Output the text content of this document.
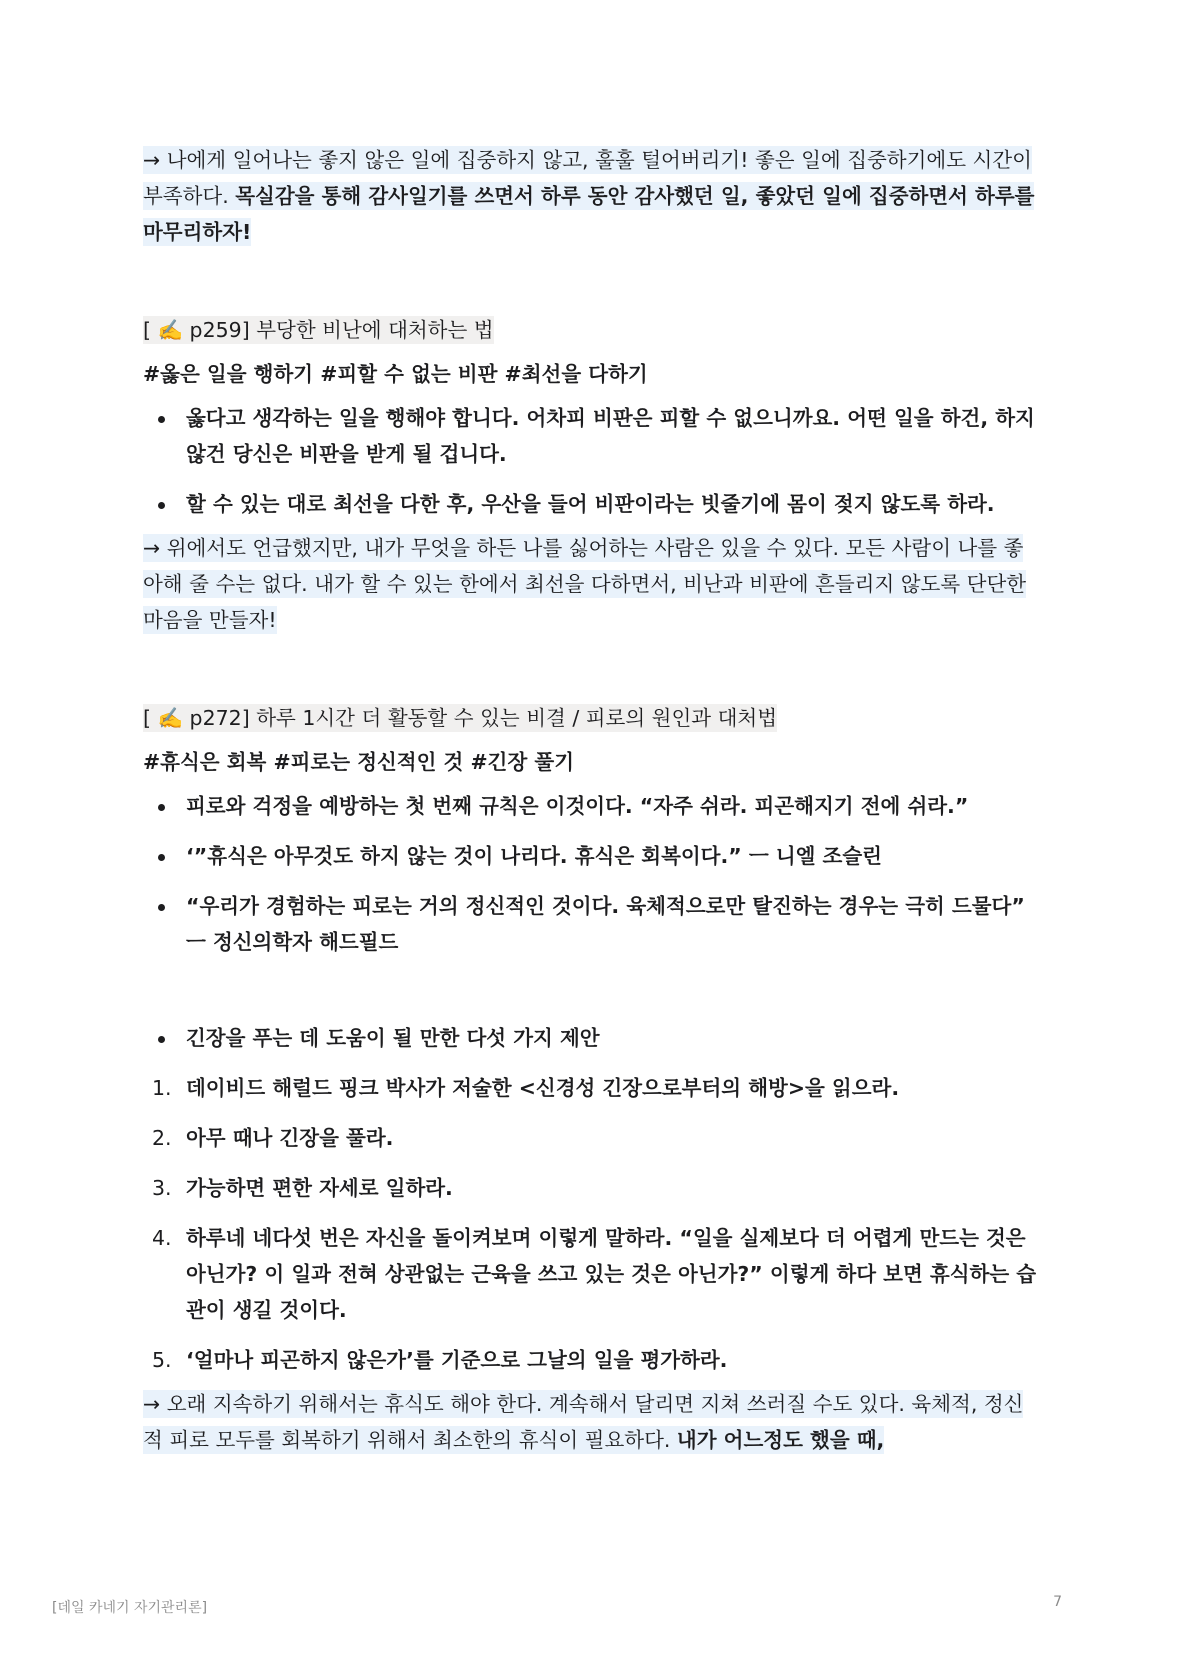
→ 나에게 일어나는 좋지 않은 일에 집중하지 않고, 훌훌 털어버리기! 좋은 일에 집중하기에도 시간이 부족하다. 목실감을 통해 감사일기를 쓰면서 하루 동안 감사했던 일, 좋았던 일에 집중하면서 하루를 마무리하자!

[ ✍️ p259] 부당한 비난에 대처하는 법

#옳은 일을 행하기 #피할 수 없는 비판 #최선을 다하기

옳다고 생각하는 일을 행해야 합니다. 어차피 비판은 피할 수 없으니까요. 어떤 일을 하건, 하지 않건 당신은 비판을 받게 될 겁니다.
할 수 있는 대로 최선을 다한 후, 우산을 들어 비판이라는 빗줄기에 몸이 젖지 않도록 하라.

→ 위에서도 언급했지만, 내가 무엇을 하든 나를 싫어하는 사람은 있을 수 있다. 모든 사람이 나를 좋아해 줄 수는 없다. 내가 할 수 있는 한에서 최선을 다하면서, 비난과 비판에 흔들리지 않도록 단단한 마음을 만들자!

[ ✍️ p272] 하루 1시간 더 활동할 수 있는 비결 / 피로의 원인과 대처법

#휴식은 회복 #피로는 정신적인 것 #긴장 풀기

피로와 걱정을 예방하는 첫 번째 규칙은 이것이다. “자주 쉬라. 피곤해지기 전에 쉬라.”
‘”휴식은 아무것도 하지 않는 것이 나리다. 휴식은 회복이다.” ㅡ 니엘 조슬린
“우리가 경험하는 피로는 거의 정신적인 것이다. 육체적으로만 탈진하는 경우는 극히 드물다” ㅡ 정신의학자 해드필드
긴장을 푸는 데 도움이 될 만한 다섯 가지 제안
1. 데이비드 해럴드 핑크 박사가 저술한 <신경성 긴장으로부터의 해방>을 읽으라.
2. 아무 때나 긴장을 풀라.
3. 가능하면 편한 자세로 일하라.
4. 하루네 네다섯 번은 자신을 돌이켜보며 이렇게 말하라. “일을 실제보다 더 어렵게 만드는 것은 아닌가? 이 일과 전혀 상관없는 근육을 쓰고 있는 것은 아닌가?” 이렇게 하다 보면 휴식하는 습관이 생길 것이다.
5. ‘얼마나 피곤하지 않은가’를 기준으로 그날의 일을 평가하라.

→ 오래 지속하기 위해서는 휴식도 해야 한다. 계속해서 달리면 지쳐 쓰러질 수도 있다. 육체적, 정신적 피로 모두를 회복하기 위해서 최소한의 휴식이 필요하다. 내가 어느정도 했을 때,

[데일 카네기 자기관리론]	7
